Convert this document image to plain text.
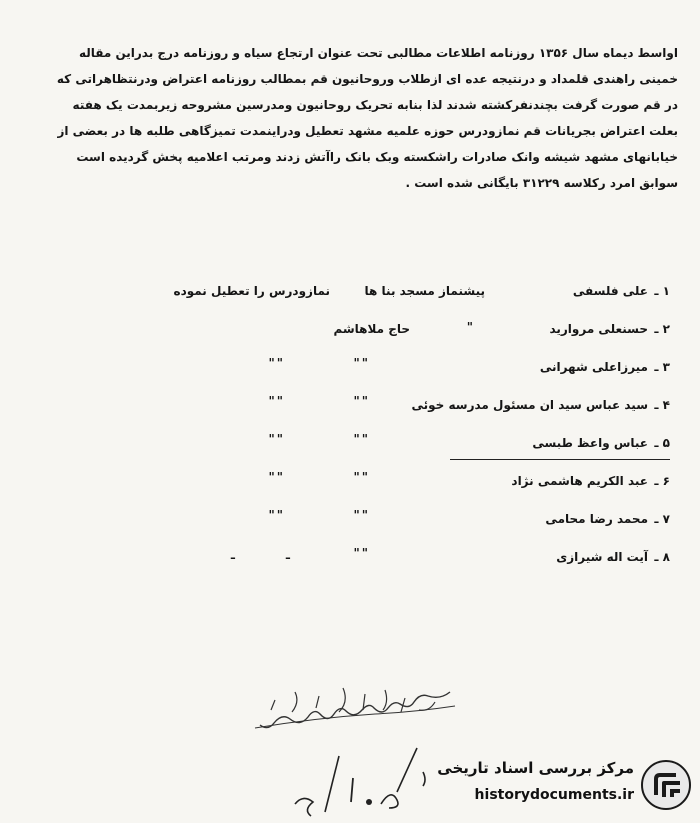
اواسط دیماه سال ۱۳۵۶ روزنامه اطلاعات مطالبی تحت عنوان ارتجاع سیاه و روزنامه درج بدراین مقاله
خمینی راهندی قلمداد و درنتیجه عده ای ازطلاب وروحانیون قم بمطالب روزنامه اعتراض ودرنتظاهراتی که
در قم صورت گرفت بچندنفرکشته شدند لذا بنابه تحریک روحانیون ومدرسین مشروحه زیربمدت یک هفته
بعلت اعتراض بجریانات قم نمازودرس حوزه علمیه مشهد تعطیل ودراینمدت تمیزگاهی طلبه ها در بعضی از
خیابانهای مشهد شیشه وانک صادرات راشکسته وبک بانک راآتش زدند ومرتب اعلامیه پخش گردیده است
سوابق امرد رکلاسه ۳۱۲۲۹ بایگانی شده است .
۱ ـ
علی فلسفی
پیشنماز مسجد بنا ها
نمازودرس را تعطیل نموده
۲ ـ
حسنعلی مروارید
"
حاج ملاهاشم
۳ ـ
میرزاعلی شهرانی
""
""
۴ ـ
سید عباس سید ان مسئول مدرسه خوئی
""
""
۵ ـ
عباس واعظ طبسی
""
""
۶ ـ
عبد الکریم هاشمی نژاد
""
""
۷ ـ
محمد رضا محامی
""
""
۸ ـ
آیت اله شیرازی
""
ـ
ـ
مرکز بررسی اسناد تاریخی
historydocuments.ir
